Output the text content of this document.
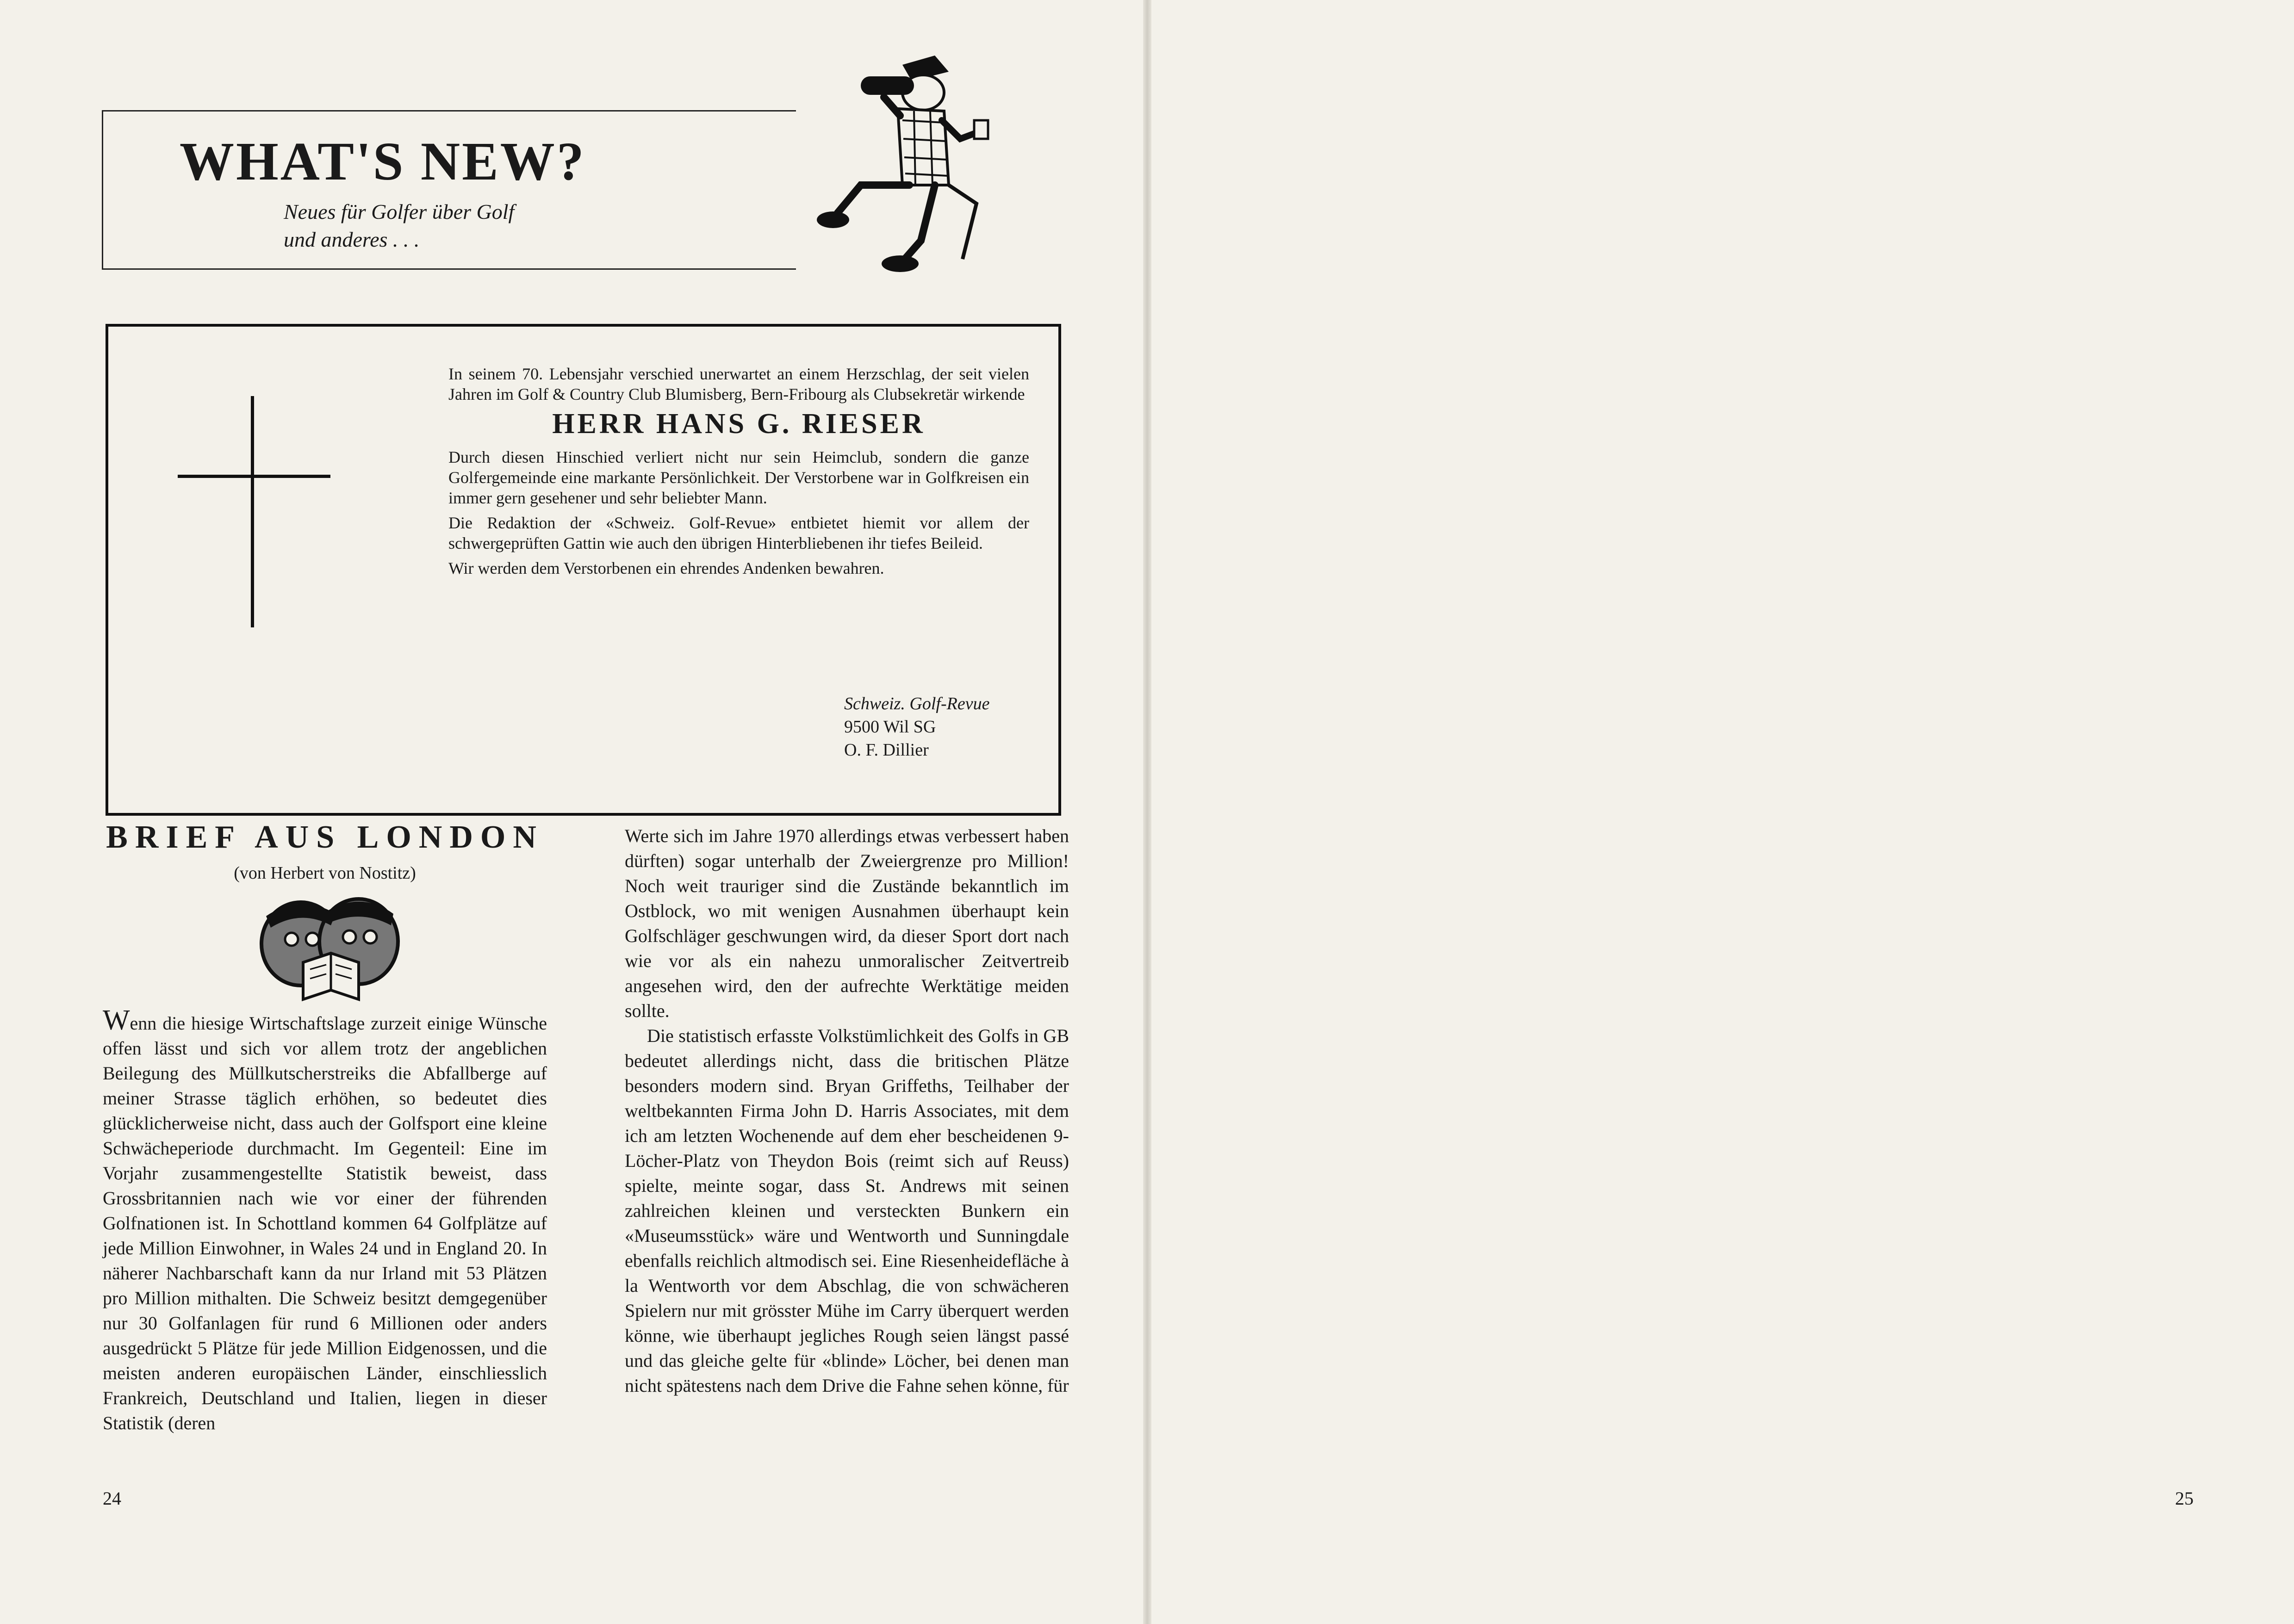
WHAT'S NEW?
Neues für Golfer über Golf
und anderes . . .

In seinem 70. Lebensjahr verschied unerwartet an einem Herzschlag, der seit vielen Jahren im Golf & Country Club Blumisberg, Bern-Fribourg als Clubsekretär wirkende

HERR HANS G. RIESER

Durch diesen Hinschied verliert nicht nur sein Heimclub, sondern die ganze Golfergemeinde eine markante Persönlichkeit. Der Verstorbene war in Golfkreisen ein immer gern gesehener und sehr beliebter Mann.

Die Redaktion der «Schweiz. Golf-Revue» entbietet hiemit vor allem der schwergeprüften Gattin wie auch den übrigen Hinterbliebenen ihr tiefes Beileid.

Wir werden dem Verstorbenen ein ehrendes Andenken bewahren.

Schweiz. Golf-Revue
9500 Wil SG
O. F. Dillier
BRIEF AUS LONDON
(von Herbert von Nostitz)

Wenn die hiesige Wirtschaftslage zurzeit einige Wünsche offen lässt und sich vor allem trotz der angeblichen Beilegung des Müllkutscherstreiks die Abfallberge auf meiner Strasse täglich erhöhen, so bedeutet dies glücklicherweise nicht, dass auch der Golfsport eine kleine Schwächeperiode durchmacht. Im Gegenteil: Eine im Vorjahr zusammengestellte Statistik beweist, dass Grossbritannien nach wie vor einer der führenden Golfnationen ist. In Schottland kommen 64 Golfplätze auf jede Million Einwohner, in Wales 24 und in England 20. In näherer Nachbarschaft kann da nur Irland mit 53 Plätzen pro Million mithalten. Die Schweiz besitzt demgegenüber nur 30 Golfanlagen für rund 6 Millionen oder anders ausgedrückt 5 Plätze für jede Million Eidgenossen, und die meisten anderen europäischen Länder, einschliesslich Frankreich, Deutschland und Italien, liegen in dieser Statistik (deren

Werte sich im Jahre 1970 allerdings etwas verbessert haben dürften) sogar unterhalb der Zweiergrenze pro Million! Noch weit trauriger sind die Zustände bekanntlich im Ostblock, wo mit wenigen Ausnahmen überhaupt kein Golfschläger geschwungen wird, da dieser Sport dort nach wie vor als ein nahezu unmoralischer Zeitvertreib angesehen wird, den der aufrechte Werktätige meiden sollte.

Die statistisch erfasste Volkstümlichkeit des Golfs in GB bedeutet allerdings nicht, dass die britischen Plätze besonders modern sind. Bryan Griffeths, Teilhaber der weltbekannten Firma John D. Harris Associates, mit dem ich am letzten Wochenende auf dem eher bescheidenen 9-Löcher-Platz von Theydon Bois (reimt sich auf Reuss) spielte, meinte sogar, dass St. Andrews mit seinen zahlreichen kleinen und versteckten Bunkern ein «Museumsstück» wäre und Wentworth und Sunningdale ebenfalls reichlich altmodisch sei. Eine Riesenheidefläche à la Wentworth vor dem Abschlag, die von schwächeren Spielern nur mit grösster Mühe im Carry überquert werden könne, wie überhaupt jegliches Rough seien längst passé und das gleiche gelte für «blinde» Löcher, bei denen man nicht spätestens nach dem Drive die Fahne sehen könne, für

24	25
